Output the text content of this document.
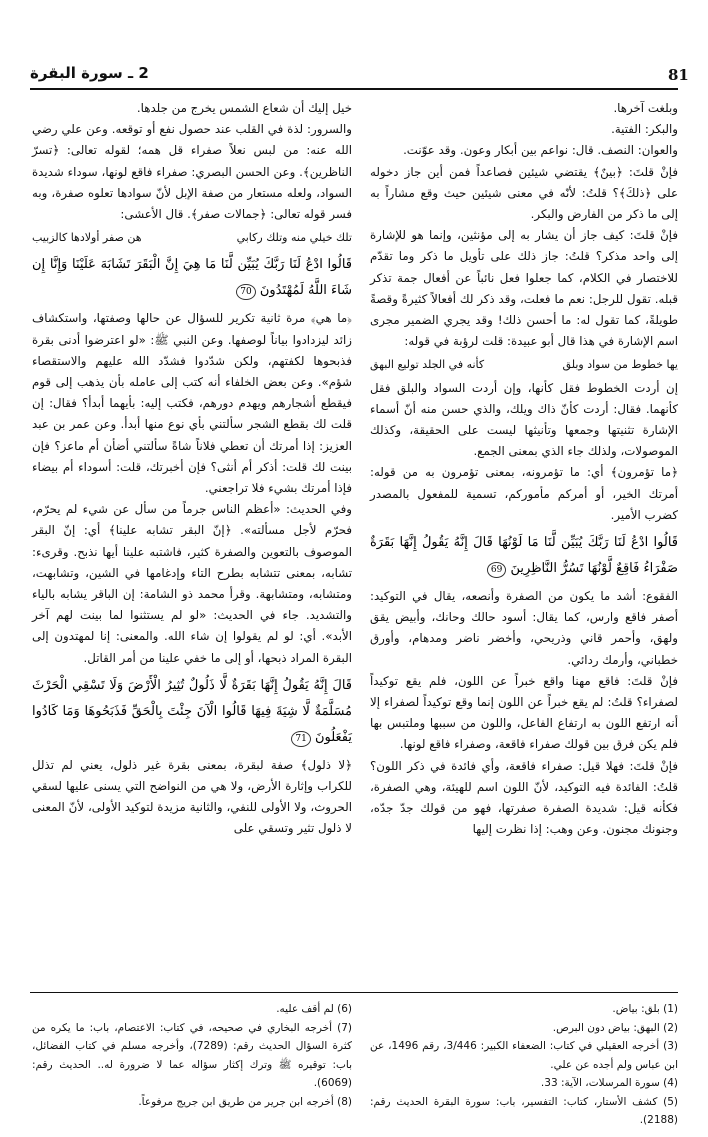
81
2 ـ سورة البقرة

وبلغت آخرها.

والبكر: الفتية.

والعوان: النصف. قال: نواعم بين أبكار وعون. وقد عوّنت.

فإنْ قلتَ: ﴿بينٌ﴾ يقتضي شيئين فصاعداً فمن أين جاز دخوله على ﴿ذلكَ﴾؟ قلتُ: لأنّه في معنى شيئين حيث وقع مشاراً به إلى ما ذكر من الفارض والبكر.

فإنْ قلتَ: كيف جاز أن يشار به إلى مؤنثين، وإنما هو للإشارة إلى واحد مذكر؟ قلتُ: جاز ذلك على تأويل ما ذكر وما تقدّم للاختصار في الكلام، كما جعلوا فعل نائباً عن أفعال جمة تذكر قبله. تقول للرجل: نعم ما فعلت، وقد ذكر لك أفعالاً كثيرةً وقصةً طويلةً، كما تقول له: ما أحسن ذلك! وقد يجري الضمير مجرى اسم الإشارة في هذا قال أبو عبيدة: قلت لرؤبة في قوله:

يها خطوط من سواد وبلق
كأنه في الجلد توليع البهق

إن أردت الخطوط فقل كأنها، وإن أردت السواد والبلق فقل كأنهما. فقال: أردت كأنّ ذاك ويلك، والذي حسن منه أنّ أسماء الإشارة تثنيتها وجمعها وتأنيثها ليست على الحقيقة، وكذلك الموصولات، ولذلك جاء الذي بمعنى الجمع.

﴿ما تؤمرون﴾ أي: ما تؤمرونه، بمعنى تؤمرون به من قوله: أمرتك الخير، أو أمركم مأموركم، تسمية للمفعول بالمصدر كضرب الأمير.

قَالُوا ادْعُ لَنَا رَبَّكَ يُبَيِّن لَّنَا مَا لَوْنُهَا قَالَ إِنَّهُ يَقُولُ إِنَّهَا بَقَرَةٌ صَفْرَاءُ فَاقِعٌ لَّوْنُهَا تَسُرُّ النَّاظِرِينَ 69

الفقوع: أشد ما يكون من الصفرة وأنصعه، يقال في التوكيد: أصفر فاقع وارس، كما يقال: أسود حالك وحانك، وأبيض يقق ولهق، وأحمر قاني وذريحي، وأخضر ناضر ومدهام، وأورق خطباني، وأرمك ردائي.

فإنْ قلتَ: فاقع مهنا واقع خبراً عن اللون، فلم يقع توكيداً لصفراء؟ قلتُ: لم يقع خبراً عن اللون إنما وقع توكيداً لصفراء إلا أنه ارتفع اللون به ارتفاع الفاعل، واللون من سببها وملتبس بها فلم يكن فرق بين قولك صفراء فاقعة، وصفراء فاقع لونها.

فإنْ قلتَ: فهلا قيل: صفراء فاقعة، وأي فائدة في ذكر اللون؟ قلتُ: الفائدة فيه التوكيد، لأنّ اللون اسم للهيئة، وهي الصفرة، فكأنه قيل: شديدة الصفرة صفرتها، فهو من قولك جدّ جدّه، وجنونك مجنون. وعن وهب: إذا نظرت إليها

خيل إليك أن شعاع الشمس يخرج من جلدها.

والسرور: لذة في القلب عند حصول نفع أو توقعه. وعن علي رضي الله عنه: من لبس نعلاً صفراء قل همه؛ لقوله تعالى: ﴿تسرّ الناظرين﴾. وعن الحسن البصري: صفراء فاقع لونها، سوداء شديدة السواد، ولعله مستعار من صفة الإبل لأنّ سوادها تعلوه صفرة، وبه فسر قوله تعالى: ﴿جمالات صفر﴾. قال الأعشى:

تلك خيلي منه وتلك ركابي
هن صفر أولادها كالزبيب
قَالُوا ادْعُ لَنَا رَبَّكَ يُبَيِّن لَّنَا مَا هِيَ إِنَّ الْبَقَرَ تَشَابَهَ عَلَيْنَا وَإِنَّا إِن شَاءَ اللَّهُ لَمُهْتَدُونَ 70

﴿ما هي﴾ مرة ثانية تكرير للسؤال عن حالها وصفتها، واستكشاف زائد ليزدادوا بياناً لوصفها. وعن النبي ﷺ: «لو اعترضوا أدنى بقرة فذبحوها لكفتهم، ولكن شدّدوا فشدّد الله عليهم والاستقصاء شؤم». وعن بعض الخلفاء أنه كتب إلى عامله بأن يذهب إلى قوم فيقطع أشجارهم ويهدم دورهم، فكتب إليه: بأيهما أبدأ؟ فقال: إن قلت لك بقطع الشجر سألتني بأي نوع منها أبدأ. وعن عمر بن عبد العزيز: إذا أمرتك أن تعطي فلاناً شاةً سألتني أضأن أم ماعز؟ فإن بينت لك قلت: أذكر أم أنثى؟ فإن أخبرتك، قلت: أسوداء أم بيضاء فإذا أمرتك بشيء فلا تراجعني.

وفي الحديث: «أعظم الناس جرماً من سأل عن شيء لم يحرّم، فحرّم لأجل مسألته». ﴿إنّ البقر تشابه علينا﴾ أي: إنّ البقر الموصوف بالتعوين والصفرة كثير، فاشتبه علينا أيها نذبح. وقرىء: تشابه، بمعنى تتشابه بطرح التاء وإدغامها في الشين، وتشابهت، ومتشابه، ومتشابهة. وقرأ محمد ذو الشامة: إن الباقر يشابه بالياء والتشديد. جاء في الحديث: «لو لم يستثنوا لما بينت لهم آخر الأبد». أي: لو لم يقولوا إن شاء الله. والمعنى: إنا لمهتدون إلى البقرة المراد ذبحها، أو إلى ما خفي علينا من أمر القاتل.

قَالَ إِنَّهُ يَقُولُ إِنَّهَا بَقَرَةٌ لَّا ذَلُولٌ تُثِيرُ الْأَرْضَ وَلَا تَسْقِي الْحَرْثَ مُسَلَّمَةٌ لَّا شِيَةَ فِيهَا قَالُوا الْآنَ جِئْتَ بِالْحَقِّ فَذَبَحُوهَا وَمَا كَادُوا يَفْعَلُونَ 71

﴿لا ذلول﴾ صفة لبقرة، بمعنى بقرة غير ذلول، يعني لم تذلل للكراب وإثارة الأرض، ولا هي من النواضح التي يسنى عليها لسقي الحروث، ولا الأولى للنفي، والثانية مزيدة لتوكيد الأولى، لأنّ المعنى لا ذلول تثير وتسقي على

(1) بلق: بياض.
(2) البهق: بياض دون البرص.
(3) أخرجه العقيلي في كتاب: الضعفاء الكبير: 3/446، رقم 1496، عن ابن عباس ولم أجده عن علي.
(4) سورة المرسلات، الآية: 33.
(5) كشف الأستار، كتاب: التفسير، باب: سورة البقرة الحديث رقم: (2188).
(6) لم أقف عليه.
(7) أخرجه البخاري في صحيحه، في كتاب: الاعتصام، باب: ما يكره من كثرة السؤال الحديث رقم: (7289)، وأخرجه مسلم في كتاب الفضائل، باب: توقيره ﷺ وترك إكثار سؤاله عما لا ضرورة له.. الحديث رقم: (6069).
(8) أخرجه ابن جرير من طريق ابن جريج مرفوعاً.
